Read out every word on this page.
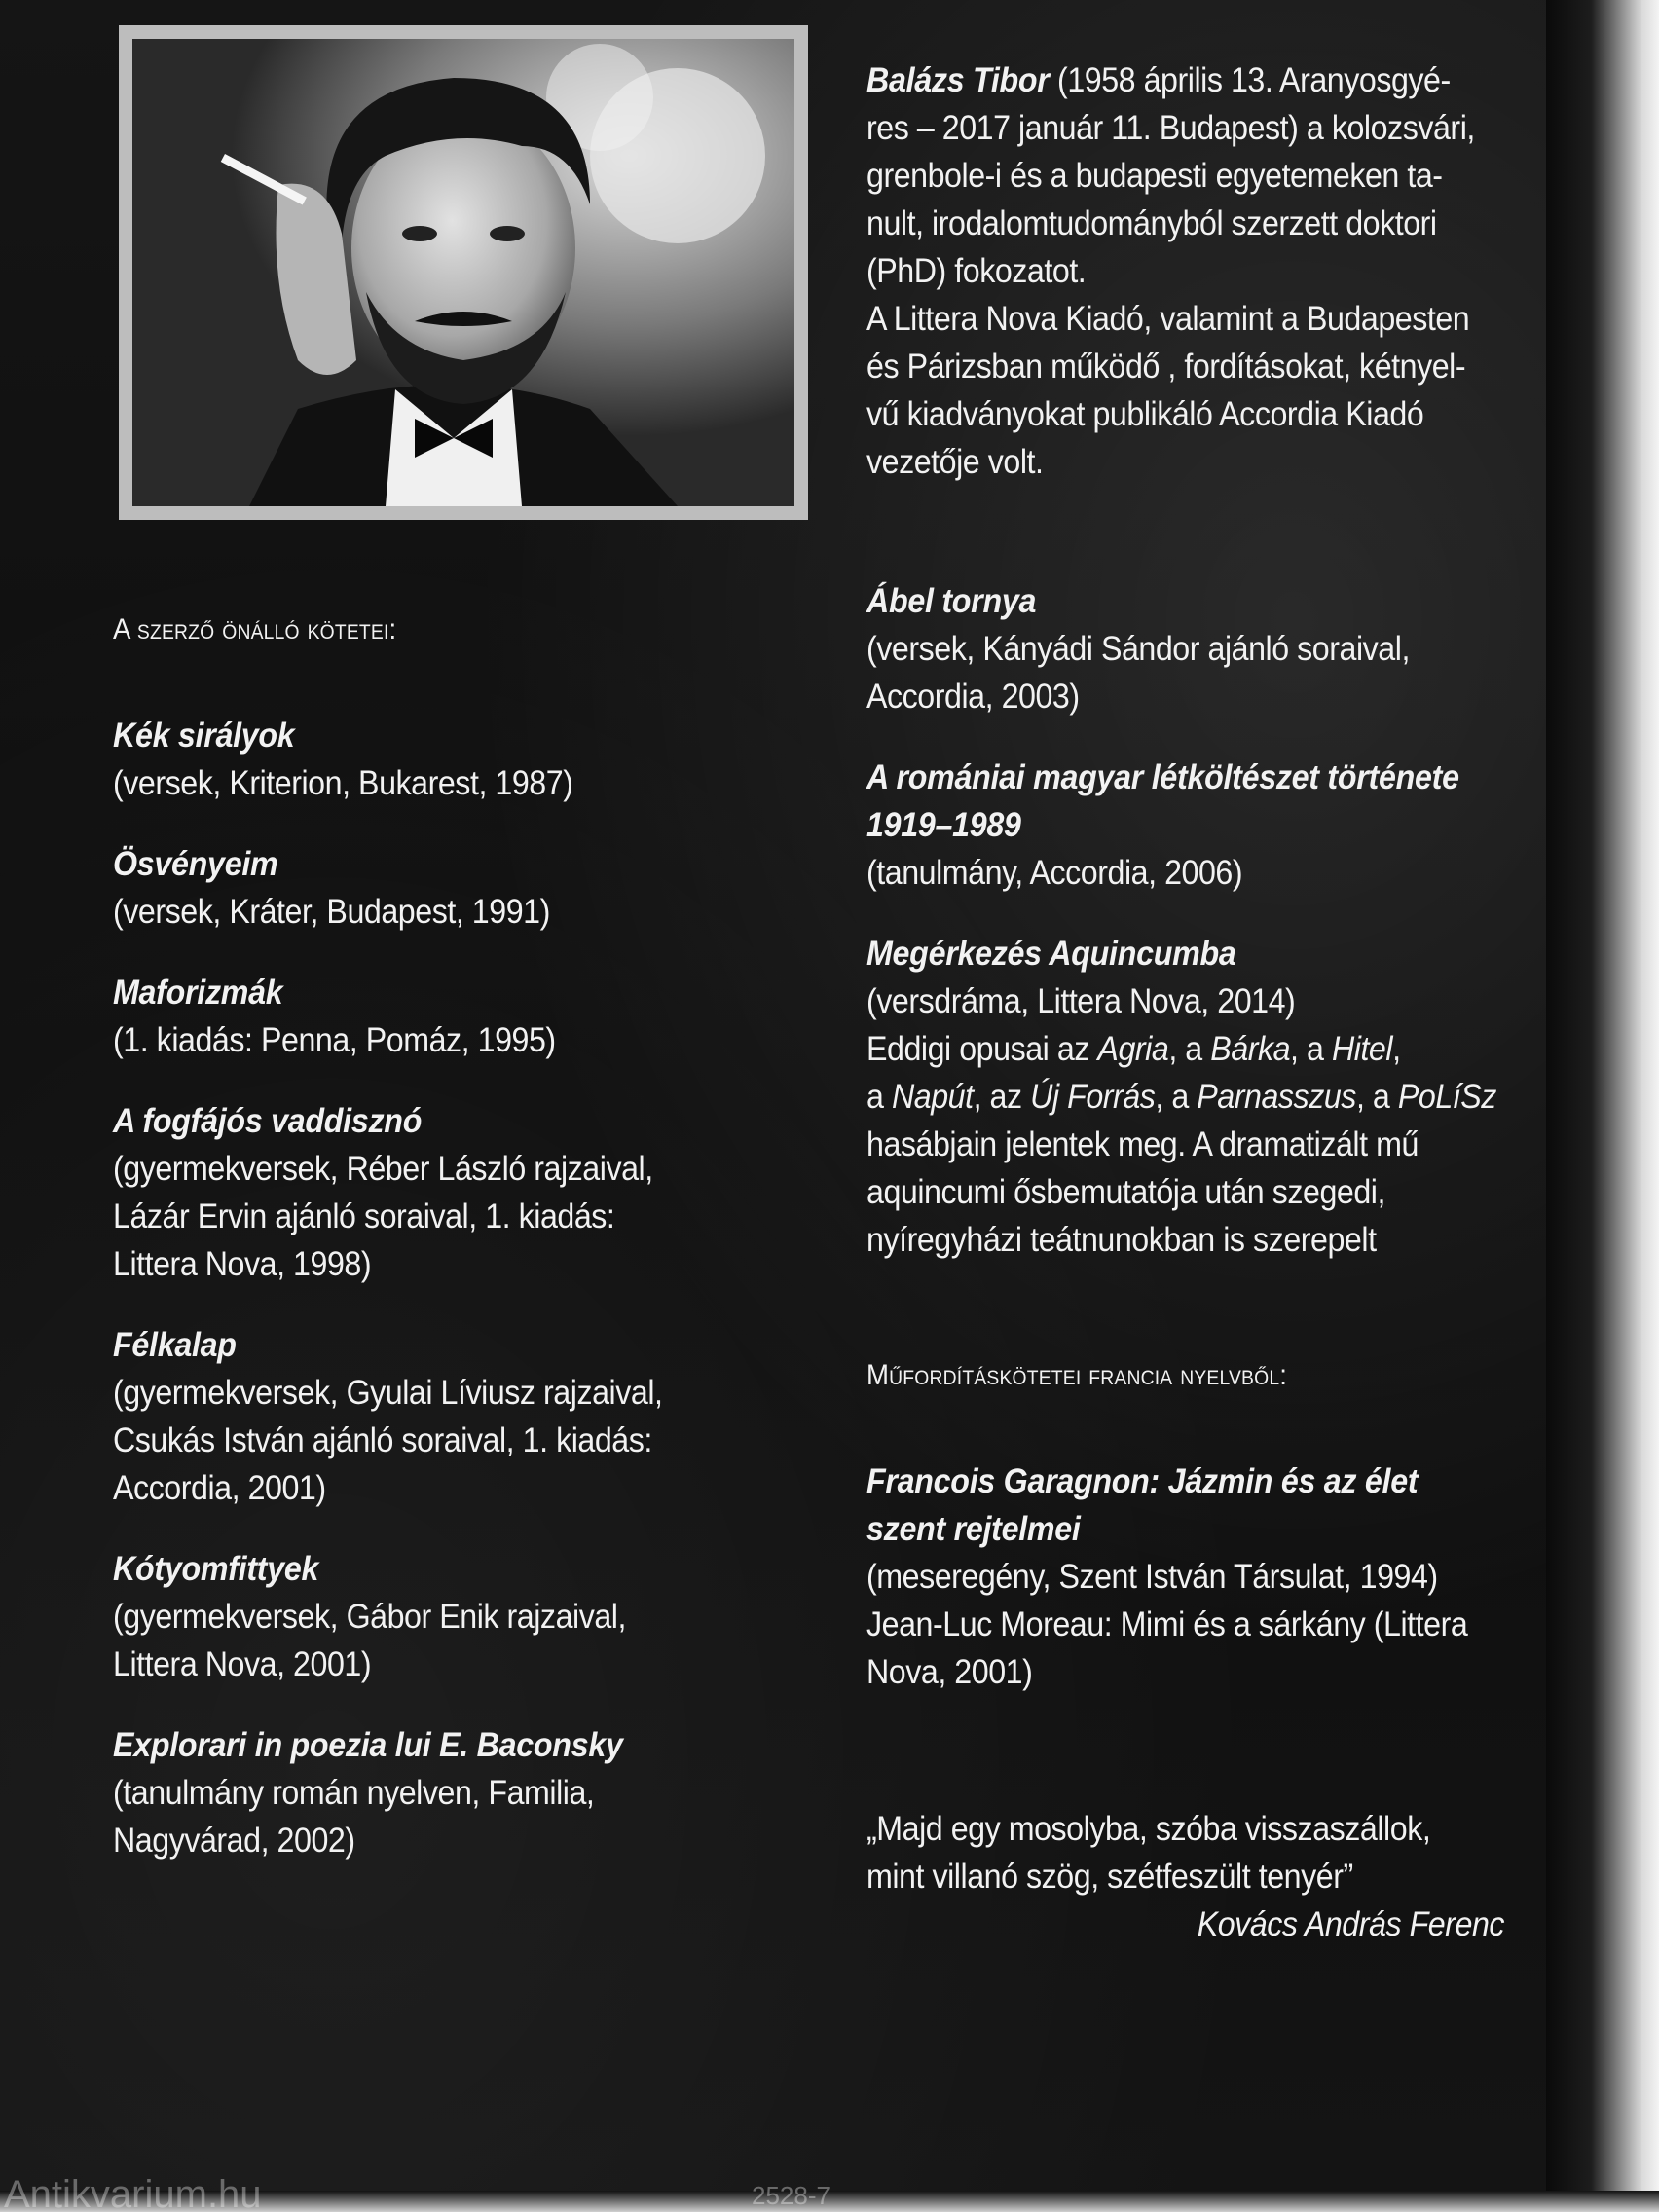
A szerző önálló kötetei:
Kék sirályok
(versek, Kriterion, Bukarest, 1987)
Ösvényeim
(versek, Kráter, Budapest, 1991)
Maforizmák
(1. kiadás: Penna, Pomáz, 1995)
A fogfájós vaddisznó
(gyermekversek, Réber László rajzaival,
Lázár Ervin ajánló soraival, 1. kiadás:
Littera Nova, 1998)
Félkalap
(gyermekversek, Gyulai Líviusz rajzaival,
Csukás István ajánló soraival, 1. kiadás:
Accordia, 2001)
Kótyomfittyek
(gyermekversek, Gábor Enik rajzaival,
Littera Nova, 2001)
Explorari in poezia lui E. Baconsky
(tanulmány román nyelven, Familia,
Nagyvárad, 2002)
Balázs Tibor (1958 április 13. Aranyosgyé-
res – 2017 január 11. Budapest) a kolozsvári,
grenbole-i és a budapesti egyetemeken ta-
nult, irodalomtudományból szerzett doktori
(PhD) fokozatot.
A Littera Nova Kiadó, valamint a Budapesten
és Párizsban működő , fordításokat, kétnyel-
vű kiadványokat publikáló Accordia Kiadó
vezetője volt.
Ábel tornya
(versek, Kányádi Sándor ajánló soraival,
Accordia, 2003)
A romániai magyar létköltészet története
1919–1989
(tanulmány, Accordia, 2006)
Megérkezés Aquincumba
(versdráma, Littera Nova, 2014)
Eddigi opusai az Agria, a Bárka, a Hitel,
a Napút, az Új Forrás, a Parnasszus, a PoLíSz
hasábjain jelentek meg. A dramatizált mű
aquincumi ősbemutatója után szegedi,
nyíregyházi teátnunokban is szerepelt
Műfordításkötetei francia nyelvből:
Francois Garagnon: Jázmin és az élet
szent rejtelmei
(meseregény, Szent István Társulat, 1994)
Jean-Luc Moreau: Mimi és a sárkány (Littera
Nova, 2001)
„Majd egy mosolyba, szóba visszaszállok,
mint villanó szög, szétfeszült tenyér”
Kovács András Ferenc
Antikvarium.hu	2528-7
